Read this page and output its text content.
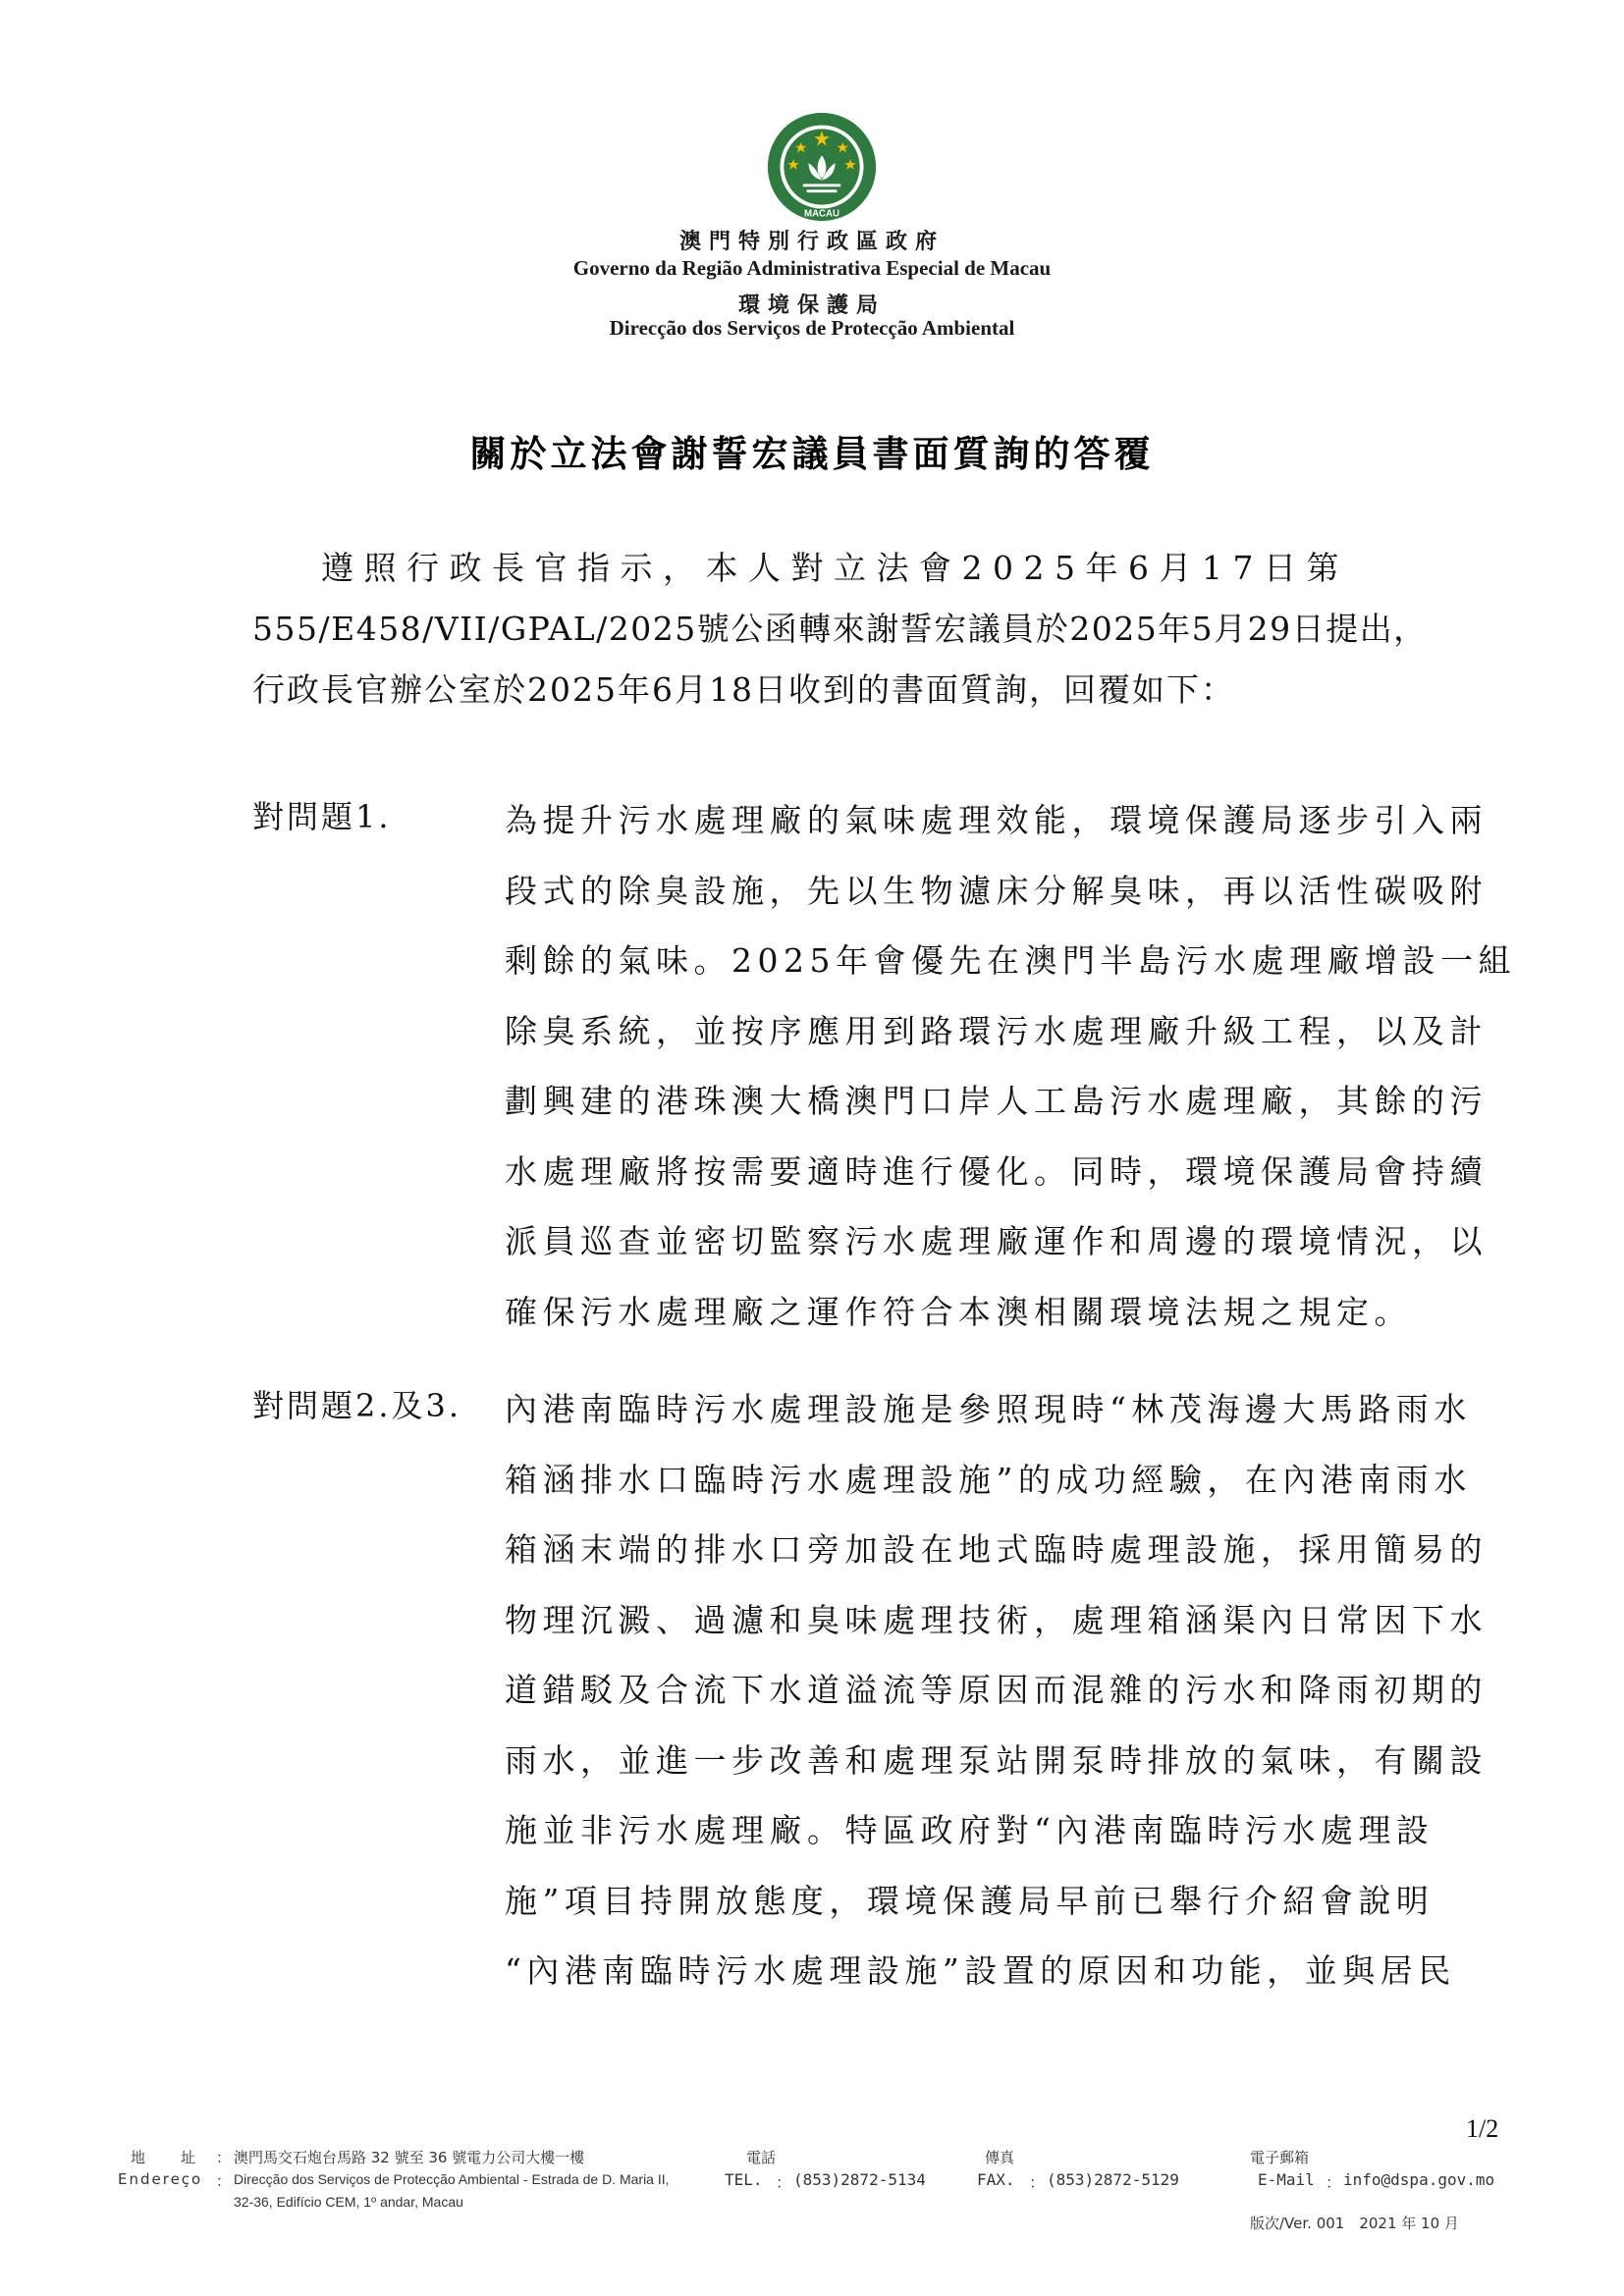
MACAU
澳門特別行政區政府
Governo da Região Administrativa Especial de Macau
環境保護局
Direcção dos Serviços de Protecção Ambiental
關於立法會謝誓宏議員書面質詢的答覆
遵照行政長官指示，本人對立法會2025年6月17日第
555/E458/VII/GPAL/2025號公函轉來謝誓宏議員於2025年5月29日提出，
行政長官辦公室於2025年6月18日收到的書面質詢，回覆如下：
對問題1.	為提升污水處理廠的氣味處理效能，環境保護局逐步引入兩
段式的除臭設施，先以生物濾床分解臭味，再以活性碳吸附
剩餘的氣味。2025年會優先在澳門半島污水處理廠增設一組
除臭系統，並按序應用到路環污水處理廠升級工程，以及計
劃興建的港珠澳大橋澳門口岸人工島污水處理廠，其餘的污
水處理廠將按需要適時進行優化。同時，環境保護局會持續
派員巡查並密切監察污水處理廠運作和周邊的環境情況，以
確保污水處理廠之運作符合本澳相關環境法規之規定。
對問題2.及3. 內港南臨時污水處理設施是參照現時“林茂海邊大馬路雨水
箱涵排水口臨時污水處理設施”的成功經驗，在內港南雨水
箱涵末端的排水口旁加設在地式臨時處理設施，採用簡易的
物理沉澱、過濾和臭味處理技術，處理箱涵渠內日常因下水
道錯駁及合流下水道溢流等原因而混雜的污水和降雨初期的
雨水，並進一步改善和處理泵站開泵時排放的氣味，有關設
施並非污水處理廠。特區政府對“內港南臨時污水處理設
施”項目持開放態度，環境保護局早前已舉行介紹會說明
“內港南臨時污水處理設施”設置的原因和功能，並與居民
1/2
地　　址 ： 澳門馬交石炮台馬路 32 號至 36 號電力公司大樓一樓
Endereço ： Direcção dos Serviços de Protecção Ambiental - Estrada de D. Maria II,
32-36, Edifício CEM, 1º andar, Macau
電話
TEL. ： (853)2872-5134
傳真
FAX. ： (853)2872-5129
電子郵箱
E-Mail ： info@dspa.gov.mo
版次/Ver. 001　2021 年 10 月
